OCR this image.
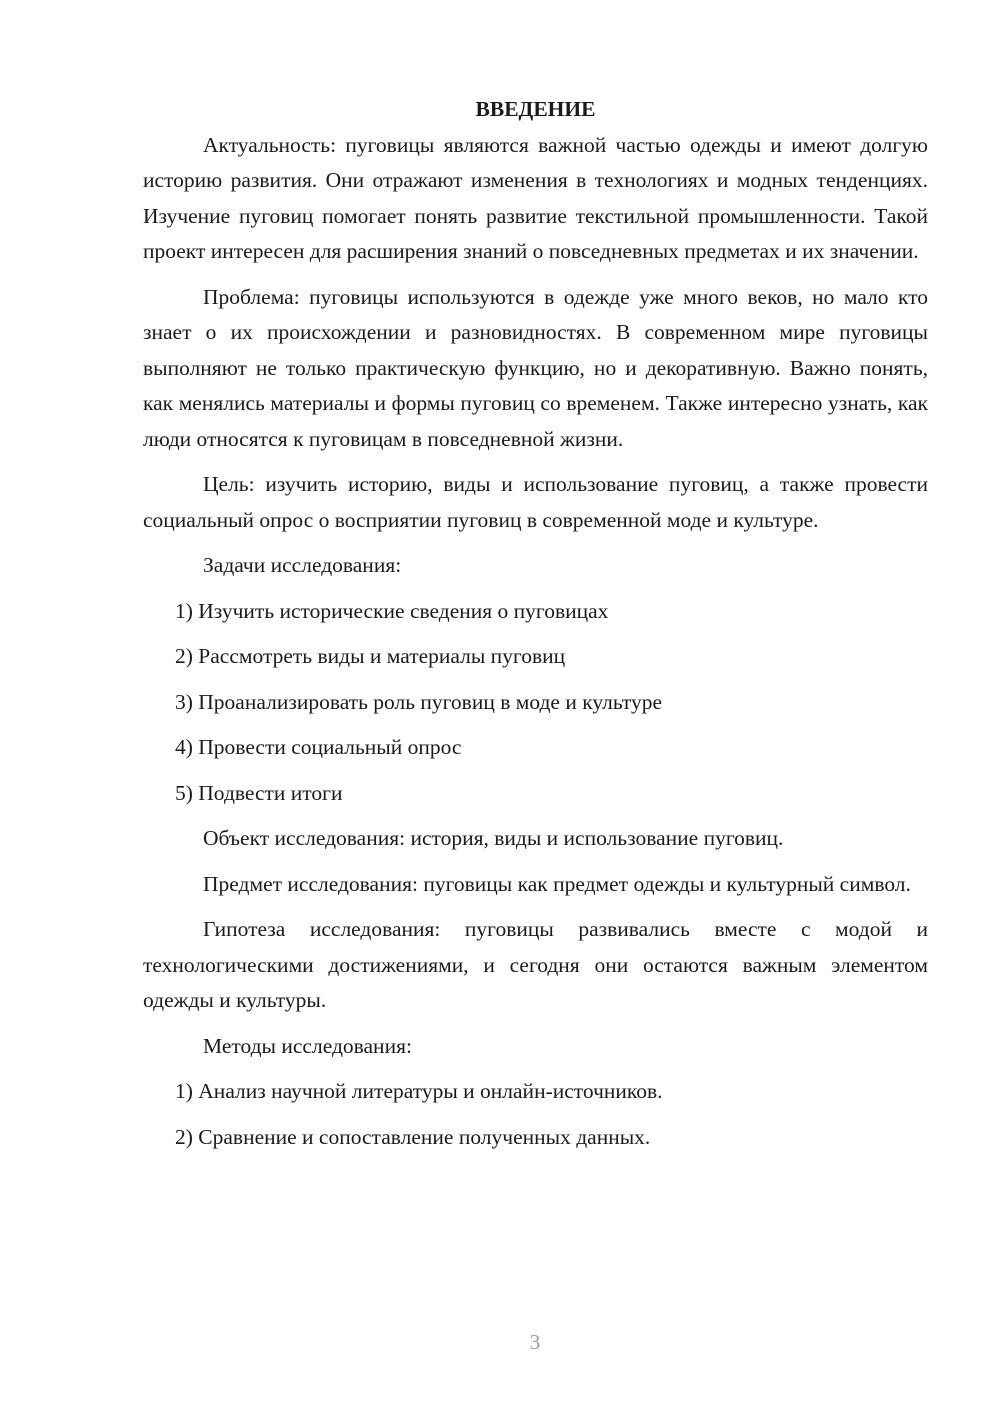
ВВЕДЕНИЕ

Актуальность: пуговицы являются важной частью одежды и имеют долгую историю развития. Они отражают изменения в технологиях и модных тенденциях. Изучение пуговиц помогает понять развитие текстильной промышленности. Такой проект интересен для расширения знаний о повседневных предметах и их значении.

Проблема: пуговицы используются в одежде уже много веков, но мало кто знает о их происхождении и разновидностях. В современном мире пуговицы выполняют не только практическую функцию, но и декоративную. Важно понять, как менялись материалы и формы пуговиц со временем. Также интересно узнать, как люди относятся к пуговицам в повседневной жизни.

Цель: изучить историю, виды и использование пуговиц, а также провести социальный опрос о восприятии пуговиц в современной моде и культуре.

Задачи исследования:
1) Изучить исторические сведения о пуговицах
2) Рассмотреть виды и материалы пуговиц
3) Проанализировать роль пуговиц в моде и культуре
4) Провести социальный опрос
5) Подвести итоги

Объект исследования: история, виды и использование пуговиц.

Предмет исследования: пуговицы как предмет одежды и культурный символ.

Гипотеза исследования: пуговицы развивались вместе с модой и технологическими достижениями, и сегодня они остаются важным элементом одежды и культуры.

Методы исследования:
1) Анализ научной литературы и онлайн-источников.
2) Сравнение и сопоставление полученных данных.
3
